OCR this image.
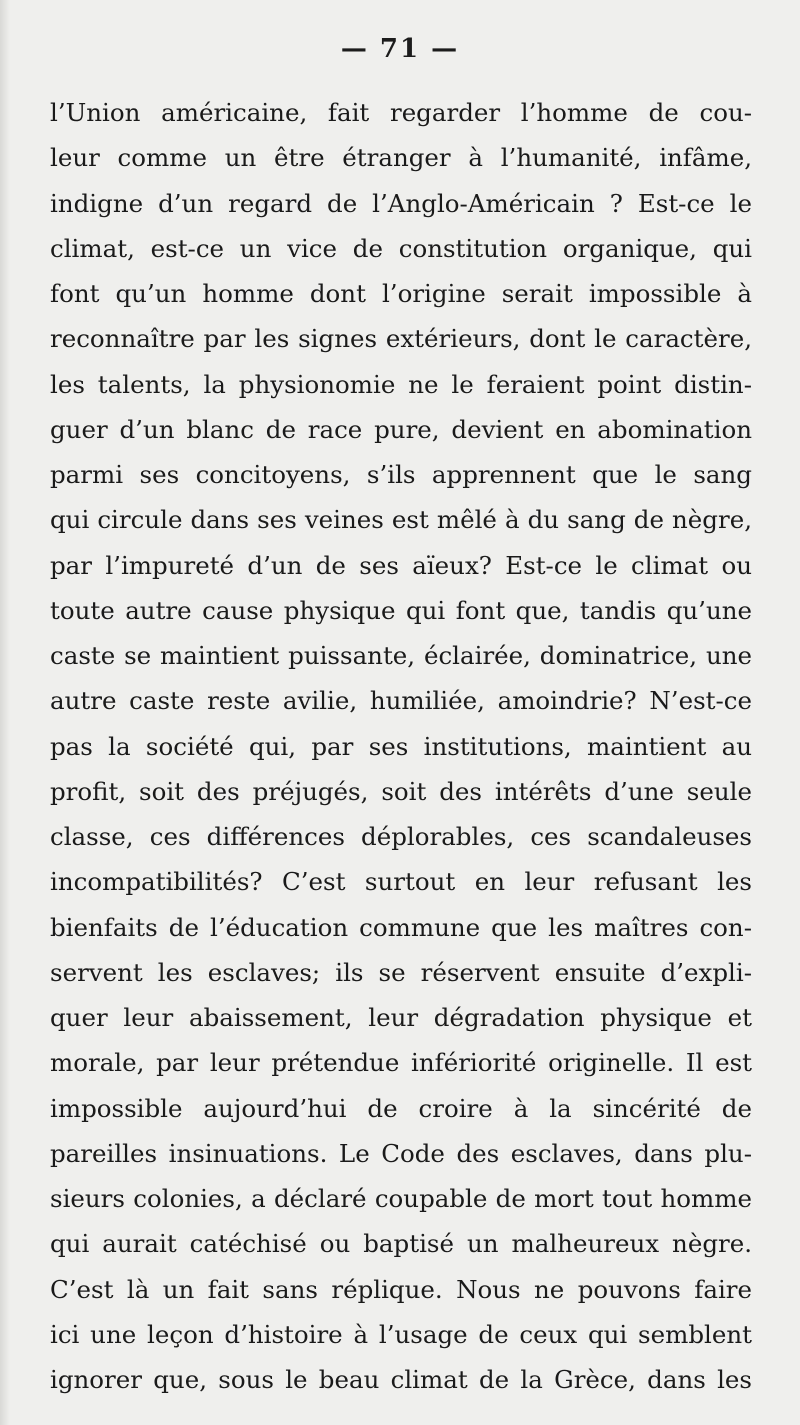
— 71 —
l’Union américaine, fait regarder l’homme de cou-
leur comme un être étranger à l’humanité, infâme,
indigne d’un regard de l’Anglo-Américain ? Est-ce le
climat, est-ce un vice de constitution organique, qui
font qu’un homme dont l’origine serait impossible à
reconnaître par les signes extérieurs, dont le caractère,
les talents, la physionomie ne le feraient point distin-
guer d’un blanc de race pure, devient en abomination
parmi ses concitoyens, s’ils apprennent que le sang
qui circule dans ses veines est mêlé à du sang de nègre,
par l’impureté d’un de ses aïeux? Est-ce le climat ou
toute autre cause physique qui font que, tandis qu’une
caste se maintient puissante, éclairée, dominatrice, une
autre caste reste avilie, humiliée, amoindrie? N’est-ce
pas la société qui, par ses institutions, maintient au
profit, soit des préjugés, soit des intérêts d’une seule
classe, ces différences déplorables, ces scandaleuses
incompatibilités? C’est surtout en leur refusant les
bienfaits de l’éducation commune que les maîtres con-
servent les esclaves; ils se réservent ensuite d’expli-
quer leur abaissement, leur dégradation physique et
morale, par leur prétendue infériorité originelle. Il est
impossible aujourd’hui de croire à la sincérité de
pareilles insinuations. Le Code des esclaves, dans plu-
sieurs colonies, a déclaré coupable de mort tout homme
qui aurait catéchisé ou baptisé un malheureux nègre.
C’est là un fait sans réplique. Nous ne pouvons faire
ici une leçon d’histoire à l’usage de ceux qui semblent
ignorer que, sous le beau climat de la Grèce, dans les
